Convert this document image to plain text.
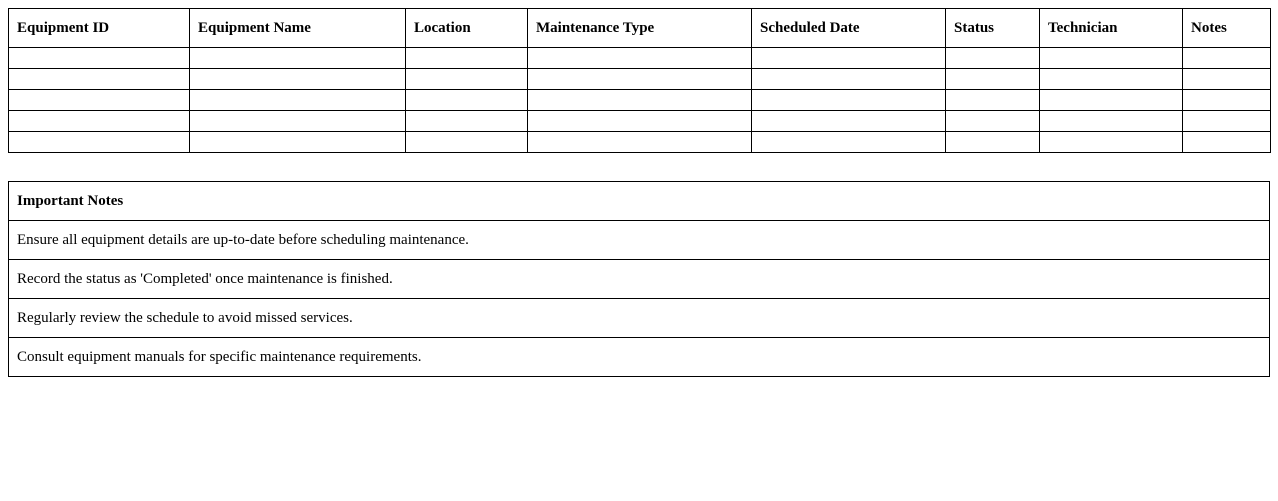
Equipment ID	Equipment Name	Location	Maintenance Type	Scheduled Date	Status	Technician	Notes

Important Notes
Ensure all equipment details are up-to-date before scheduling maintenance.
Record the status as 'Completed' once maintenance is finished.
Regularly review the schedule to avoid missed services.
Consult equipment manuals for specific maintenance requirements.
